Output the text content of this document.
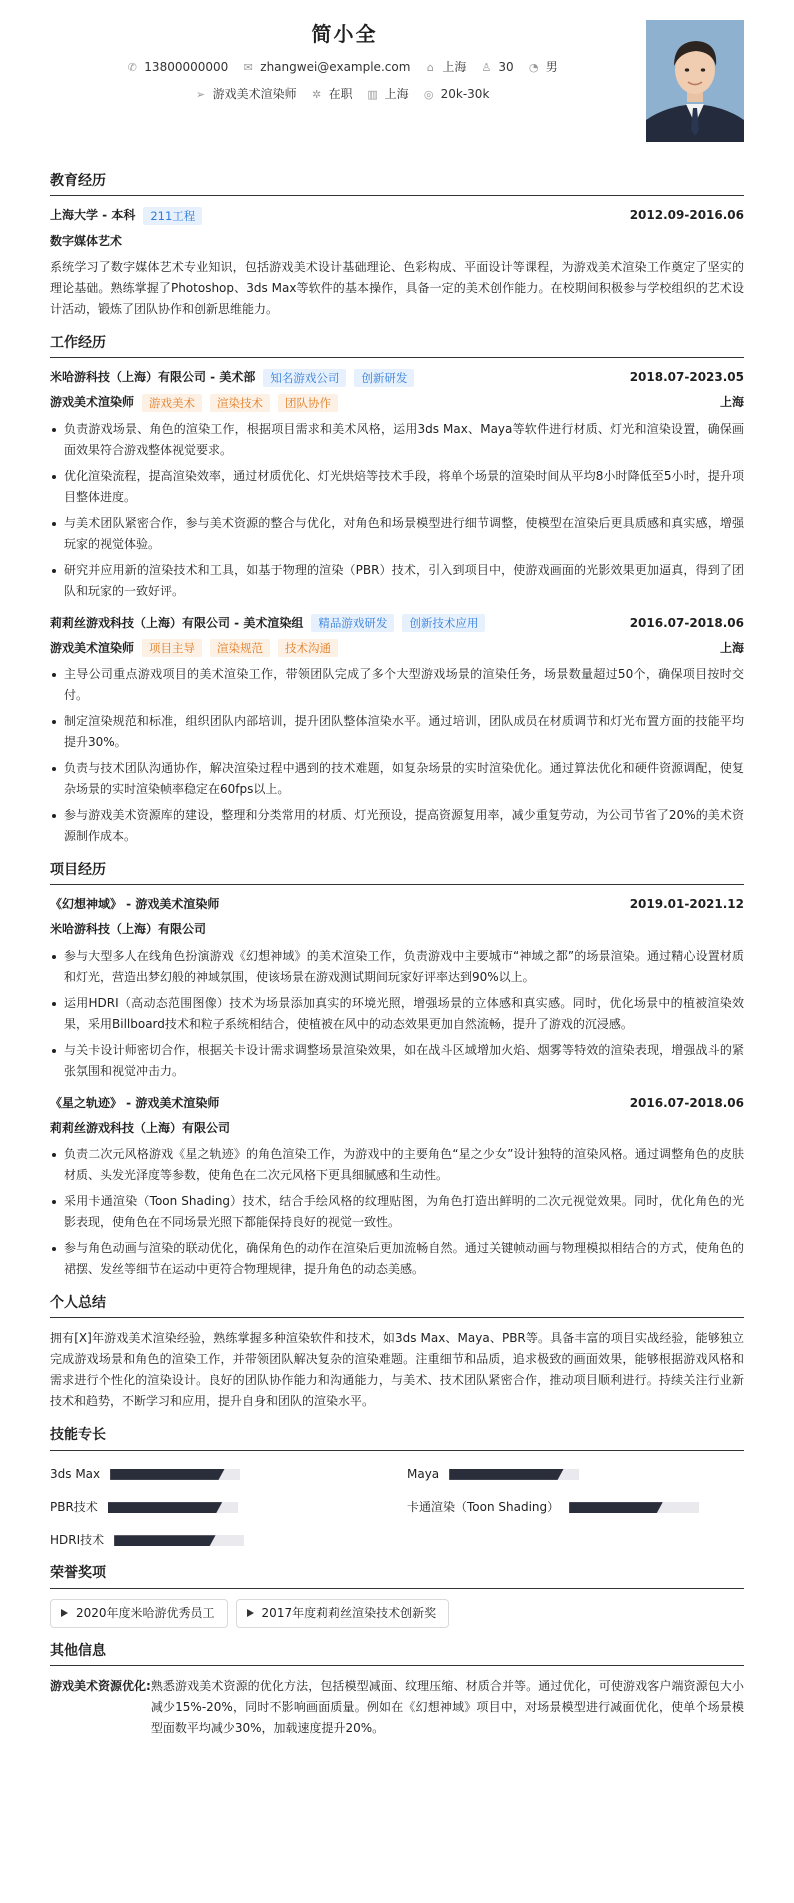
简小全
✆ 13800000000 ✉ zhangwei@example.com ⌂ 上海 ♙ 30 ◔ 男
➢ 游戏美术渲染师 ✲ 在职 ▥ 上海 ◎ 20k-30k
教育经历
上海大学 - 本科	211工程	2012.09-2016.06
数字媒体艺术
系统学习了数字媒体艺术专业知识，包括游戏美术设计基础理论、色彩构成、平面设计等课程，为游戏美术渲染工作奠定了坚实的理论基础。熟练掌握了Photoshop、3ds Max等软件的基本操作，具备一定的美术创作能力。在校期间积极参与学校组织的艺术设计活动，锻炼了团队协作和创新思维能力。
工作经历
米哈游科技（上海）有限公司 - 美术部	知名游戏公司	创新研发	2018.07-2023.05
游戏美术渲染师	游戏美术	渲染技术	团队协作	上海
负责游戏场景、角色的渲染工作，根据项目需求和美术风格，运用3ds Max、Maya等软件进行材质、灯光和渲染设置，确保画面效果符合游戏整体视觉要求。
优化渲染流程，提高渲染效率，通过材质优化、灯光烘焙等技术手段，将单个场景的渲染时间从平均8小时降低至5小时，提升项目整体进度。
与美术团队紧密合作，参与美术资源的整合与优化，对角色和场景模型进行细节调整，使模型在渲染后更具质感和真实感，增强玩家的视觉体验。
研究并应用新的渲染技术和工具，如基于物理的渲染（PBR）技术，引入到项目中，使游戏画面的光影效果更加逼真，得到了团队和玩家的一致好评。
莉莉丝游戏科技（上海）有限公司 - 美术渲染组	精品游戏研发	创新技术应用	2016.07-2018.06
游戏美术渲染师	项目主导	渲染规范	技术沟通	上海
主导公司重点游戏项目的美术渲染工作，带领团队完成了多个大型游戏场景的渲染任务，场景数量超过50个，确保项目按时交付。
制定渲染规范和标准，组织团队内部培训，提升团队整体渲染水平。通过培训，团队成员在材质调节和灯光布置方面的技能平均提升30%。
负责与技术团队沟通协作，解决渲染过程中遇到的技术难题，如复杂场景的实时渲染优化。通过算法优化和硬件资源调配，使复杂场景的实时渲染帧率稳定在60fps以上。
参与游戏美术资源库的建设，整理和分类常用的材质、灯光预设，提高资源复用率，减少重复劳动，为公司节省了20%的美术资源制作成本。
项目经历
《幻想神域》 - 游戏美术渲染师	2019.01-2021.12
米哈游科技（上海）有限公司
参与大型多人在线角色扮演游戏《幻想神域》的美术渲染工作，负责游戏中主要城市“神域之都”的场景渲染。通过精心设置材质和灯光，营造出梦幻般的神域氛围，使该场景在游戏测试期间玩家好评率达到90%以上。
运用HDRI（高动态范围图像）技术为场景添加真实的环境光照，增强场景的立体感和真实感。同时，优化场景中的植被渲染效果，采用Billboard技术和粒子系统相结合，使植被在风中的动态效果更加自然流畅，提升了游戏的沉浸感。
与关卡设计师密切合作，根据关卡设计需求调整场景渲染效果，如在战斗区域增加火焰、烟雾等特效的渲染表现，增强战斗的紧张氛围和视觉冲击力。
《星之轨迹》 - 游戏美术渲染师	2016.07-2018.06
莉莉丝游戏科技（上海）有限公司
负责二次元风格游戏《星之轨迹》的角色渲染工作，为游戏中的主要角色“星之少女”设计独特的渲染风格。通过调整角色的皮肤材质、头发光泽度等参数，使角色在二次元风格下更具细腻感和生动性。
采用卡通渲染（Toon Shading）技术，结合手绘风格的纹理贴图，为角色打造出鲜明的二次元视觉效果。同时，优化角色的光影表现，使角色在不同场景光照下都能保持良好的视觉一致性。
参与角色动画与渲染的联动优化，确保角色的动作在渲染后更加流畅自然。通过关键帧动画与物理模拟相结合的方式，使角色的裙摆、发丝等细节在运动中更符合物理规律，提升角色的动态美感。
个人总结
拥有[X]年游戏美术渲染经验，熟练掌握多种渲染软件和技术，如3ds Max、Maya、PBR等。具备丰富的项目实战经验，能够独立完成游戏场景和角色的渲染工作，并带领团队解决复杂的渲染难题。注重细节和品质，追求极致的画面效果，能够根据游戏风格和需求进行个性化的渲染设计。良好的团队协作能力和沟通能力，与美术、技术团队紧密合作，推动项目顺利进行。持续关注行业新技术和趋势，不断学习和应用，提升自身和团队的渲染水平。
技能专长
3ds Max	Maya
PBR技术	卡通渲染（Toon Shading）
HDRI技术
荣誉奖项
2020年度米哈游优秀员工	2017年度莉莉丝渲染技术创新奖
其他信息
游戏美术资源优化: 熟悉游戏美术资源的优化方法，包括模型减面、纹理压缩、材质合并等。通过优化，可使游戏客户端资源包大小减少15%-20%，同时不影响画面质量。例如在《幻想神域》项目中，对场景模型进行减面优化，使单个场景模型面数平均减少30%，加载速度提升20%。
